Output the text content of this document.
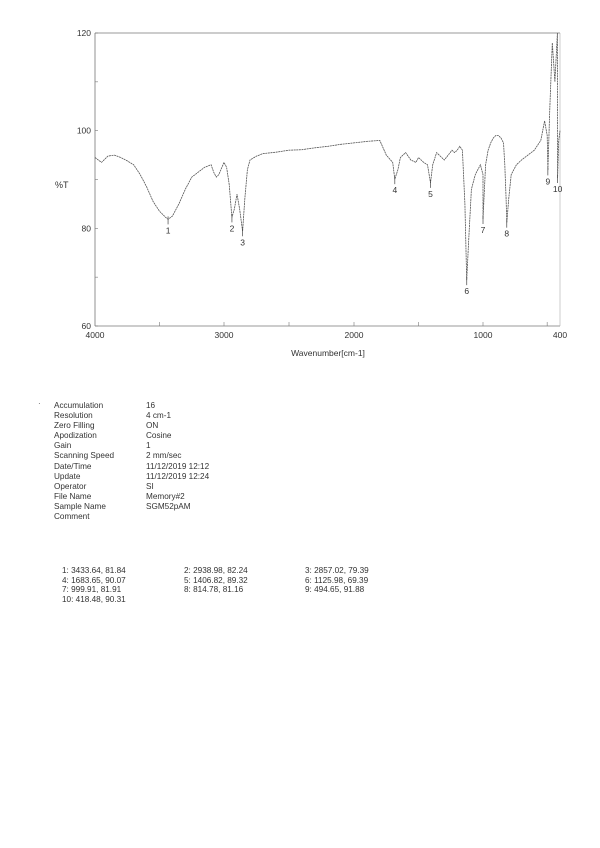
120
100
80
60
4000	3000	2000	1000	400
1	2
3
4	5
6
7 8
9
10
%T
Wavenumber[cm-1]
· Accumulation	16
Resolution	4 cm-1
Zero Filling	ON
Apodization	Cosine
Gain	1
Scanning Speed	2 mm/sec
Date/Time	11/12/2019 12:12
Update	11/12/2019 12:24
Operator	SI
File Name	Memory#2
Sample Name	SGM52pAM
Comment
1: 3433.64, 81.84	2: 2938.98, 82.24	3: 2857.02, 79.39
4: 1683.65, 90.07	5: 1406.82, 89.32	6: 1125.98, 69.39
7: 999.91, 81.91	8: 814.78, 81.16	9: 494.65, 91.88
10: 418.48, 90.31
